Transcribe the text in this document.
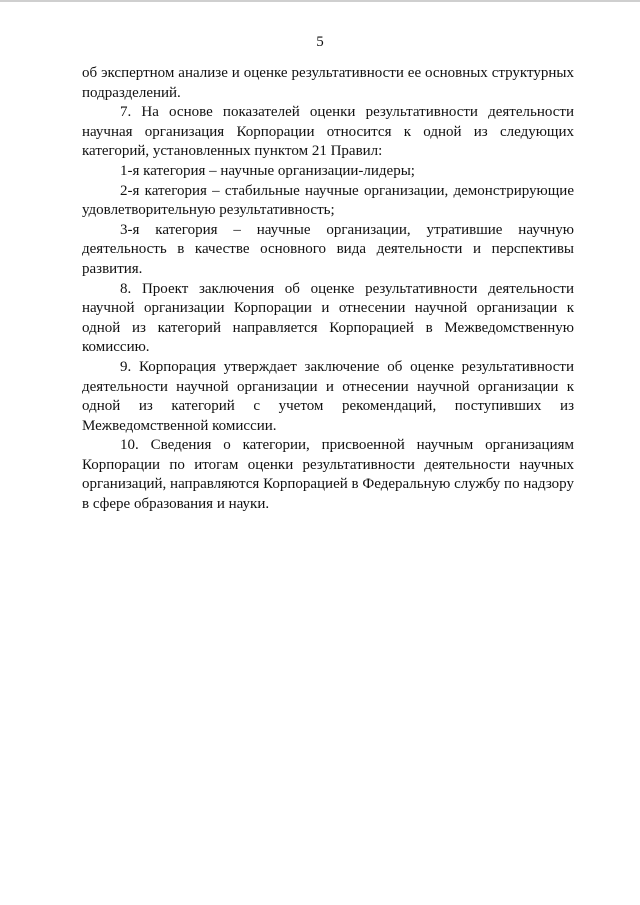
5

об экспертном анализе и оценке результативности ее основных структурных подразделений.

7. На основе показателей оценки результативности деятельности научная организация Корпорации относится к одной из следующих категорий, установленных пунктом 21 Правил:

1-я категория – научные организации-лидеры;

2-я категория – стабильные научные организации, демонстрирующие удовлетворительную результативность;

3-я категория – научные организации, утратившие научную деятельность в качестве основного вида деятельности и перспективы развития.

8. Проект заключения об оценке результативности деятельности научной организации Корпорации и отнесении научной организации к одной из категорий направляется Корпорацией в Межведомственную комиссию.

9. Корпорация утверждает заключение об оценке результативности деятельности научной организации и отнесении научной организации к одной из категорий с учетом рекомендаций, поступивших из Межведомственной комиссии.

10. Сведения о категории, присвоенной научным организациям Корпорации по итогам оценки результативности деятельности научных организаций, направляются Корпорацией в Федеральную службу по надзору в сфере образования и науки.
